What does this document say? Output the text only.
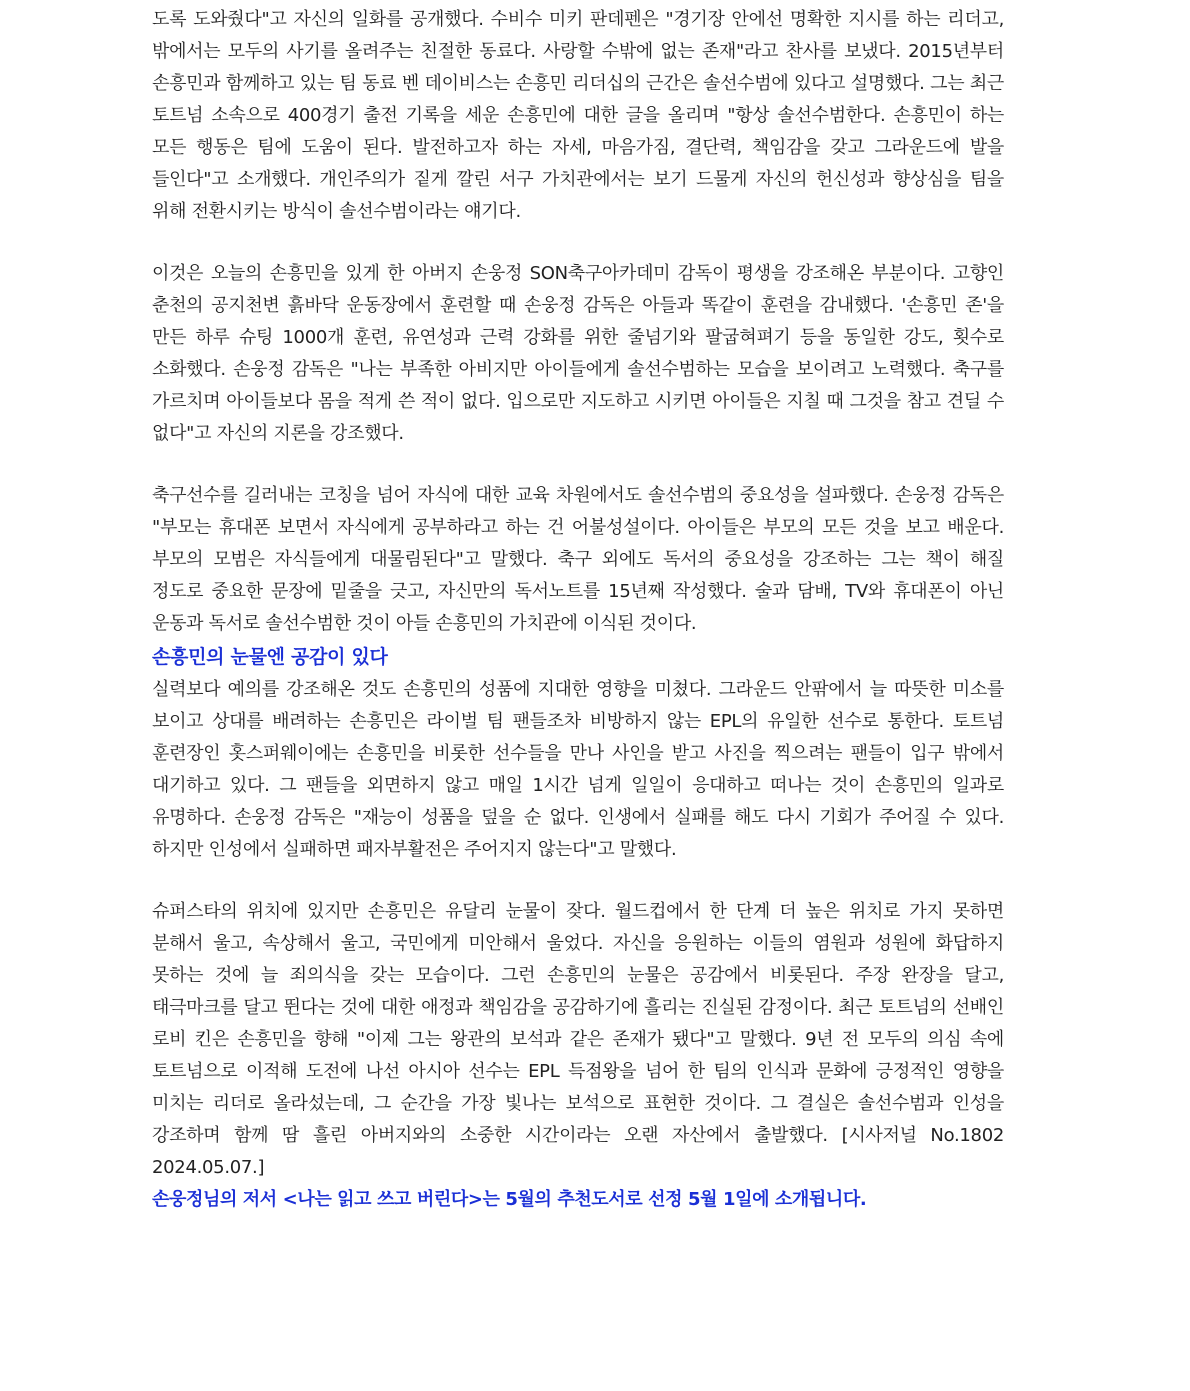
도록 도와줬다"고 자신의 일화를 공개했다. 수비수 미키 판데펜은 "경기장 안에선 명확한 지시를 하는 리더고, 밖에서는 모두의 사기를 올려주는 친절한 동료다. 사랑할 수밖에 없는 존재"라고 찬사를 보냈다. 2015년부터 손흥민과 함께하고 있는 팀 동료 벤 데이비스는 손흥민 리더십의 근간은 솔선수범에 있다고 설명했다. 그는 최근 토트넘 소속으로 400경기 출전 기록을 세운 손흥민에 대한 글을 올리며 "항상 솔선수범한다. 손흥민이 하는 모든 행동은 팀에 도움이 된다. 발전하고자 하는 자세, 마음가짐, 결단력, 책임감을 갖고 그라운드에 발을 들인다"고 소개했다. 개인주의가 짙게 깔린 서구 가치관에서는 보기 드물게 자신의 헌신성과 향상심을 팀을 위해 전환시키는 방식이 솔선수범이라는 얘기다.

이것은 오늘의 손흥민을 있게 한 아버지 손웅정 SON축구아카데미 감독이 평생을 강조해온 부분이다. 고향인 춘천의 공지천변 흙바닥 운동장에서 훈련할 때 손웅정 감독은 아들과 똑같이 훈련을 감내했다. '손흥민 존'을 만든 하루 슈팅 1000개 훈련, 유연성과 근력 강화를 위한 줄넘기와 팔굽혀펴기 등을 동일한 강도, 횟수로 소화했다. 손웅정 감독은 "나는 부족한 아비지만 아이들에게 솔선수범하는 모습을 보이려고 노력했다. 축구를 가르치며 아이들보다 몸을 적게 쓴 적이 없다. 입으로만 지도하고 시키면 아이들은 지칠 때 그것을 참고 견딜 수 없다"고 자신의 지론을 강조했다.

축구선수를 길러내는 코칭을 넘어 자식에 대한 교육 차원에서도 솔선수범의 중요성을 설파했다. 손웅정 감독은 "부모는 휴대폰 보면서 자식에게 공부하라고 하는 건 어불성설이다. 아이들은 부모의 모든 것을 보고 배운다. 부모의 모범은 자식들에게 대물림된다"고 말했다. 축구 외에도 독서의 중요성을 강조하는 그는 책이 해질 정도로 중요한 문장에 밑줄을 긋고, 자신만의 독서노트를 15년째 작성했다. 술과 담배, TV와 휴대폰이 아닌 운동과 독서로 솔선수범한 것이 아들 손흥민의 가치관에 이식된 것이다.

손흥민의 눈물엔 공감이 있다

실력보다 예의를 강조해온 것도 손흥민의 성품에 지대한 영향을 미쳤다. 그라운드 안팎에서 늘 따뜻한 미소를 보이고 상대를 배려하는 손흥민은 라이벌 팀 팬들조차 비방하지 않는 EPL의 유일한 선수로 통한다. 토트넘 훈련장인 홋스퍼웨이에는 손흥민을 비롯한 선수들을 만나 사인을 받고 사진을 찍으려는 팬들이 입구 밖에서 대기하고 있다. 그 팬들을 외면하지 않고 매일 1시간 넘게 일일이 응대하고 떠나는 것이 손흥민의 일과로 유명하다. 손웅정 감독은 "재능이 성품을 덮을 순 없다. 인생에서 실패를 해도 다시 기회가 주어질 수 있다. 하지만 인성에서 실패하면 패자부활전은 주어지지 않는다"고 말했다.

슈퍼스타의 위치에 있지만 손흥민은 유달리 눈물이 잦다. 월드컵에서 한 단계 더 높은 위치로 가지 못하면 분해서 울고, 속상해서 울고, 국민에게 미안해서 울었다. 자신을 응원하는 이들의 염원과 성원에 화답하지 못하는 것에 늘 죄의식을 갖는 모습이다. 그런 손흥민의 눈물은 공감에서 비롯된다. 주장 완장을 달고, 태극마크를 달고 뛴다는 것에 대한 애정과 책임감을 공감하기에 흘리는 진실된 감정이다. 최근 토트넘의 선배인 로비 킨은 손흥민을 향해 "이제 그는 왕관의 보석과 같은 존재가 됐다"고 말했다. 9년 전 모두의 의심 속에 토트넘으로 이적해 도전에 나선 아시아 선수는 EPL 득점왕을 넘어 한 팀의 인식과 문화에 긍정적인 영향을 미치는 리더로 올라섰는데, 그 순간을 가장 빛나는 보석으로 표현한 것이다. 그 결실은 솔선수범과 인성을 강조하며 함께 땀 흘린 아버지와의 소중한 시간이라는 오랜 자산에서 출발했다. [시사저널 No.1802 2024.05.07.]

손웅정님의 저서 <나는 읽고 쓰고 버린다>는 5월의 추천도서로 선정 5월 1일에 소개됩니다.
